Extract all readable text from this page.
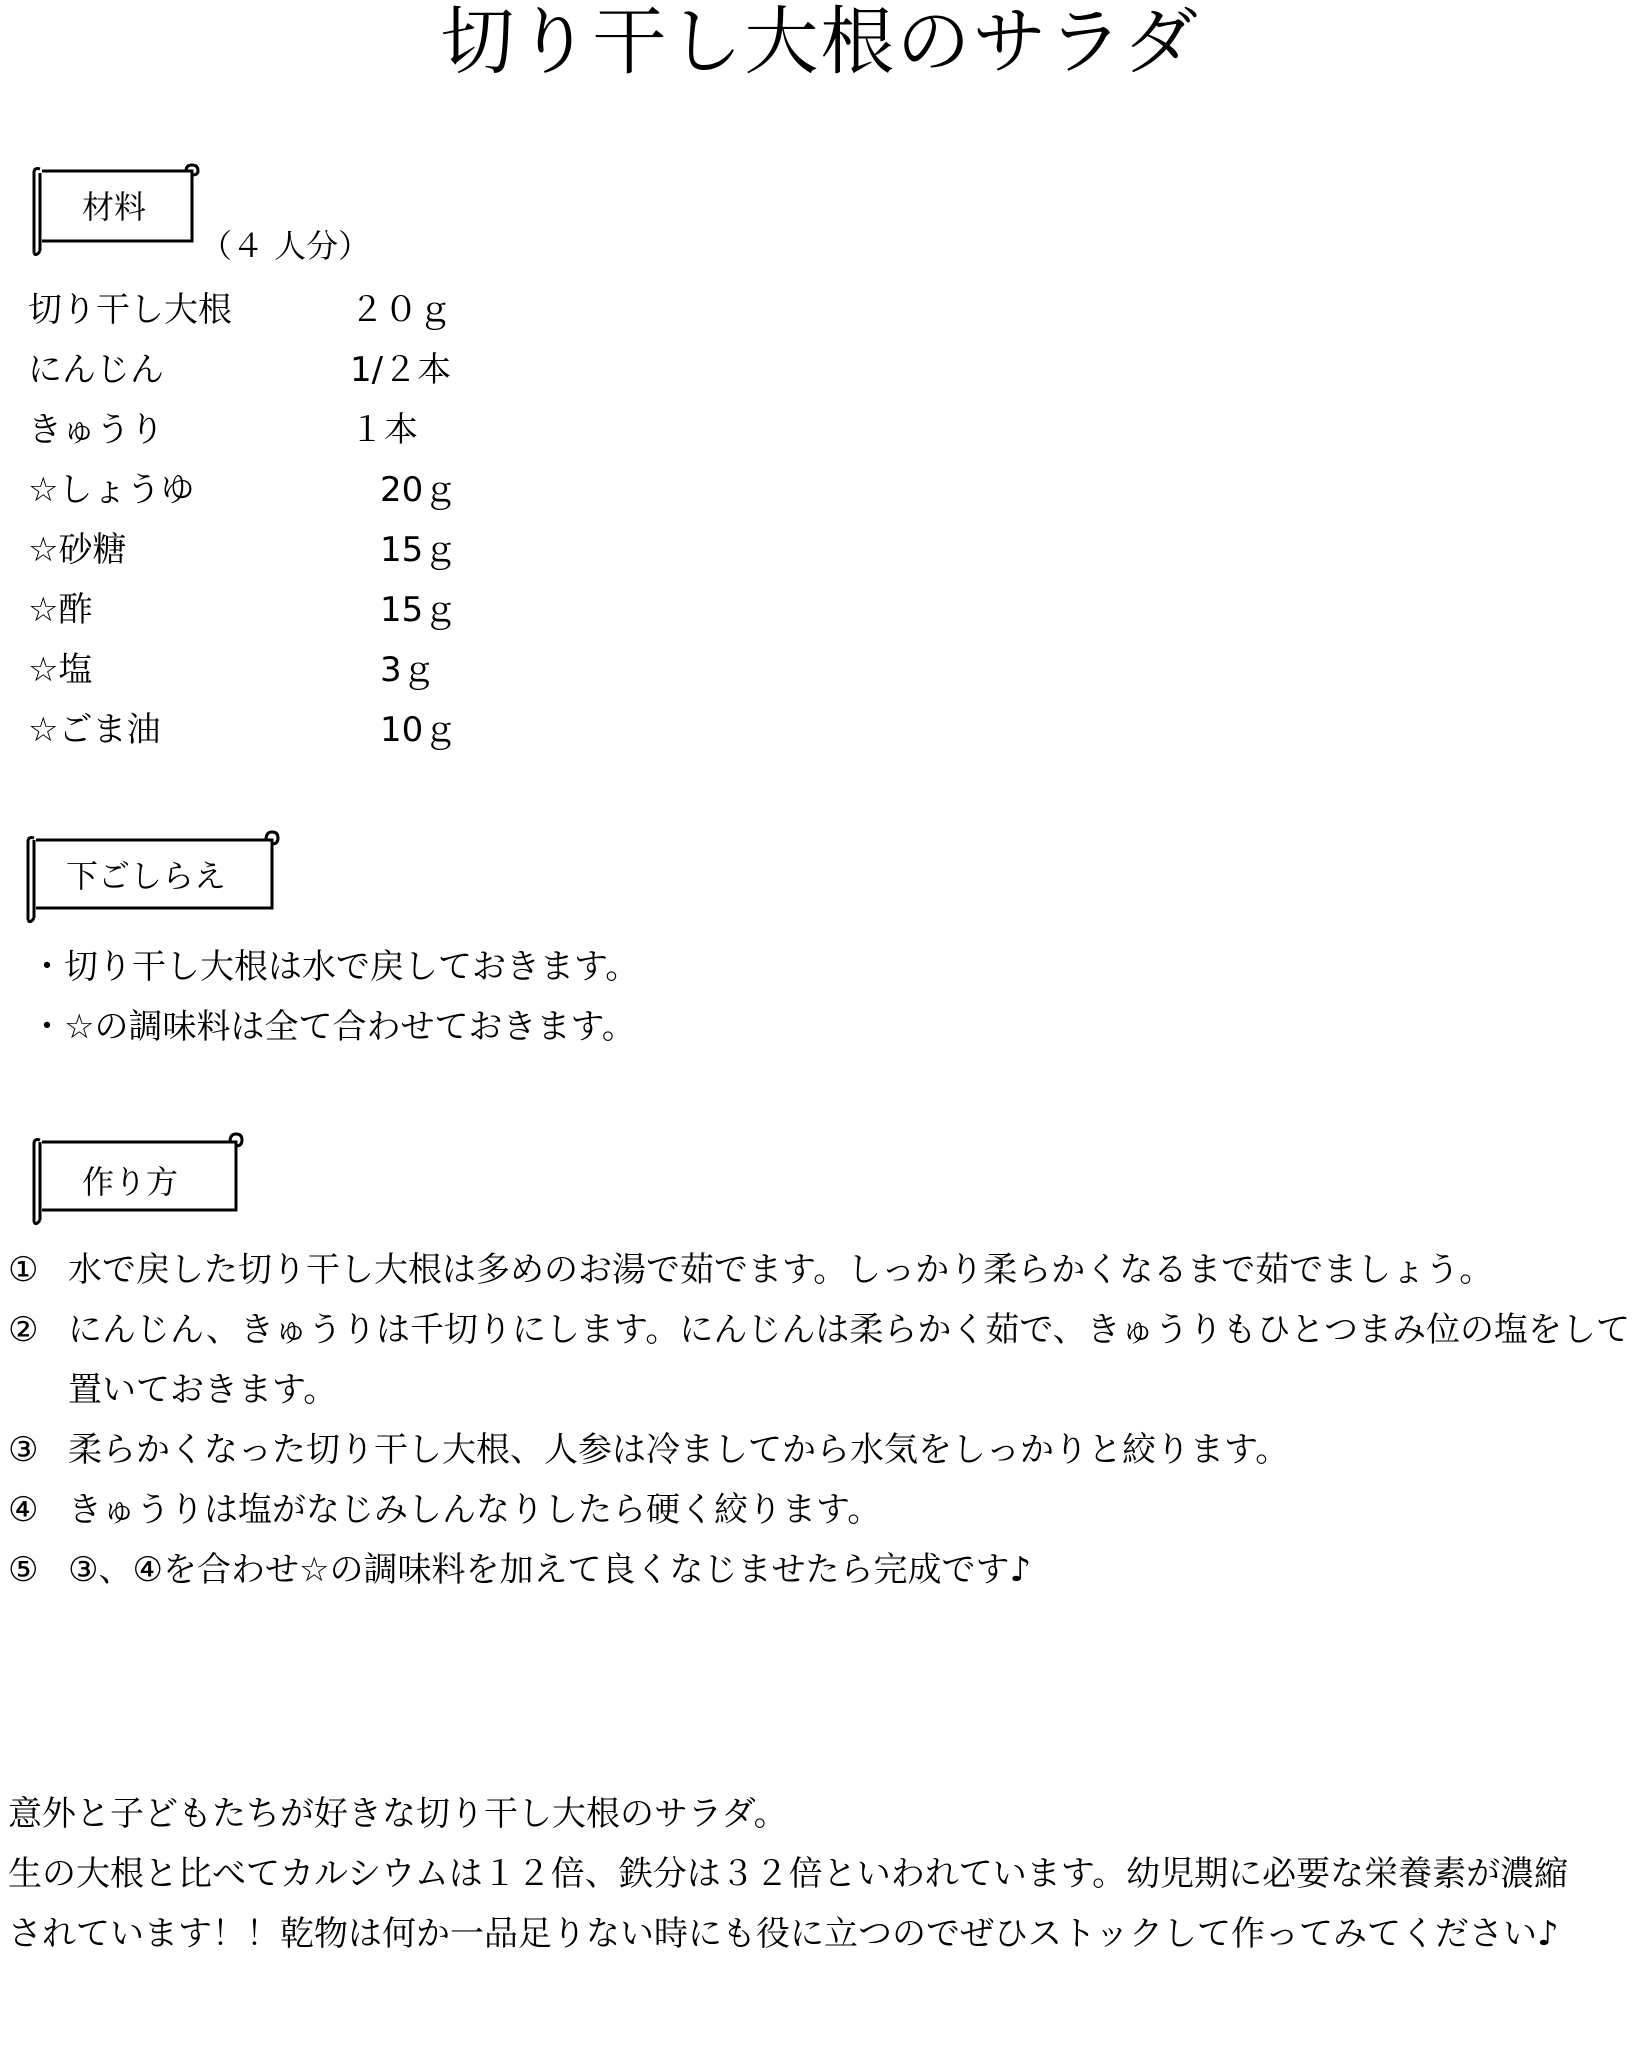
切り干し大根のサラダ
材料
（４ 人分）
切り干し大根	２０ｇ
にんじん	1/２本
きゅうり	１本
☆しょうゆ	20ｇ
☆砂糖	15ｇ
☆酢	15ｇ
☆塩	3ｇ
☆ごま油	10ｇ
下ごしらえ
・切り干し大根は水で戻しておきます。
・☆の調味料は全て合わせておきます。
作り方
① 水で戻した切り干し大根は多めのお湯で茹でます。しっかり柔らかくなるまで茹でましょう。
② にんじん、きゅうりは千切りにします。にんじんは柔らかく茹で、きゅうりもひとつまみ位の塩をして置いておきます。
③ 柔らかくなった切り干し大根、人参は冷ましてから水気をしっかりと絞ります。
④ きゅうりは塩がなじみしんなりしたら硬く絞ります。
⑤ ③、④を合わせ☆の調味料を加えて良くなじませたら完成です♪
意外と子どもたちが好きな切り干し大根のサラダ。
生の大根と比べてカルシウムは１２倍、鉄分は３２倍といわれています。幼児期に必要な栄養素が濃縮
されています！！乾物は何か一品足りない時にも役に立つのでぜひストックして作ってみてください♪
